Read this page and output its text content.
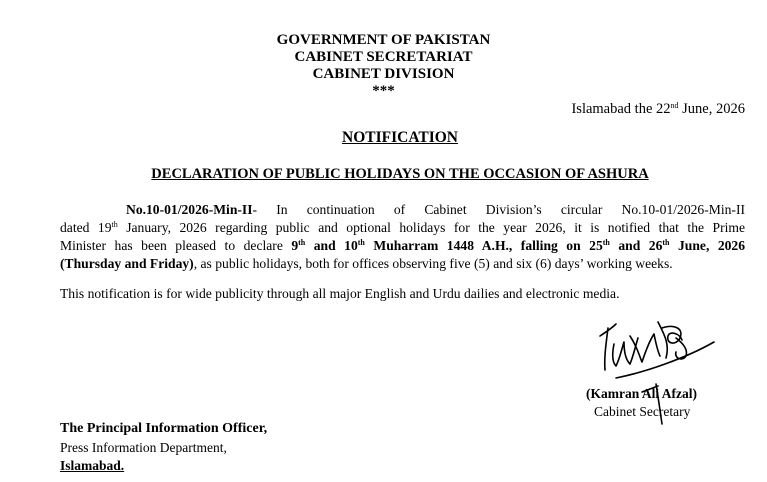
GOVERNMENT OF PAKISTAN
CABINET SECRETARIAT
CABINET DIVISION
***
Islamabad the 22nd June, 2026
NOTIFICATION
DECLARATION OF PUBLIC HOLIDAYS ON THE OCCASION OF ASHURA
No.10-01/2026-Min-II- In continuation of Cabinet Division’s circular No.10-01/2026-Min-II
dated 19th January, 2026 regarding public and optional holidays for the year 2026, it is notified that the Prime
Minister has been pleased to declare 9th and 10th Muharram 1448 A.H., falling on 25th and 26th June, 2026
(Thursday and Friday), as public holidays, both for offices observing five (5) and six (6) days’ working weeks.
This notification is for wide publicity through all major English and Urdu dailies and electronic media.
(Kamran Ali Afzal)
Cabinet Secretary
The Principal Information Officer,
Press Information Department,
Islamabad.
